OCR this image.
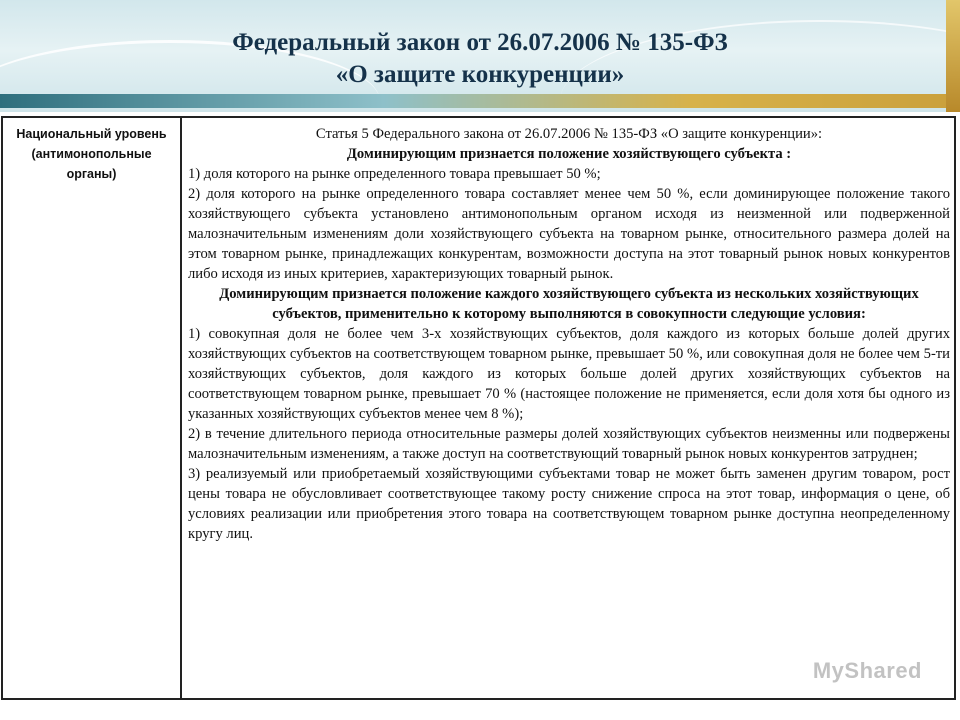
Федеральный закон от 26.07.2006 № 135-ФЗ
«О защите конкуренции»
Национальный уровень (антимонопольные органы)

Статья 5 Федерального закона от 26.07.2006 № 135-ФЗ «О защите конкуренции»:

Доминирующим признается положение хозяйствующего субъекта :

1) доля которого на рынке определенного товара превышает 50 %;

2) доля которого на рынке определенного товара составляет менее чем 50 %, если доминирующее положение такого хозяйствующего субъекта установлено антимонопольным органом исходя из неизменной или подверженной малозначительным изменениям доли хозяйствующего субъекта на товарном рынке, относительного размера долей на этом товарном рынке, принадлежащих конкурентам, возможности доступа на этот товарный рынок новых конкурентов либо исходя из иных критериев, характеризующих товарный рынок.

Доминирующим признается положение каждого хозяйствующего субъекта из нескольких хозяйствующих субъектов, применительно к которому выполняются в совокупности следующие условия:

1) совокупная доля не более чем 3-х хозяйствующих субъектов, доля каждого из которых больше долей других хозяйствующих субъектов на соответствующем товарном рынке, превышает 50 %, или совокупная доля не более чем 5-ти хозяйствующих субъектов, доля каждого из которых больше долей других хозяйствующих субъектов на соответствующем товарном рынке, превышает 70 % (настоящее положение не применяется, если доля хотя бы одного из указанных хозяйствующих субъектов менее чем 8 %);

2) в течение длительного периода относительные размеры долей хозяйствующих субъектов неизменны или подвержены малозначительным изменениям, а также доступ на соответствующий товарный рынок новых конкурентов затруднен;

3) реализуемый или приобретаемый хозяйствующими субъектами товар не может быть заменен другим товаром, рост цены товара не обусловливает соответствующее такому росту снижение спроса на этот товар, информация о цене, об условиях реализации или приобретения этого товара на соответствующем товарном рынке доступна неопределенному кругу лиц.

MyShared
